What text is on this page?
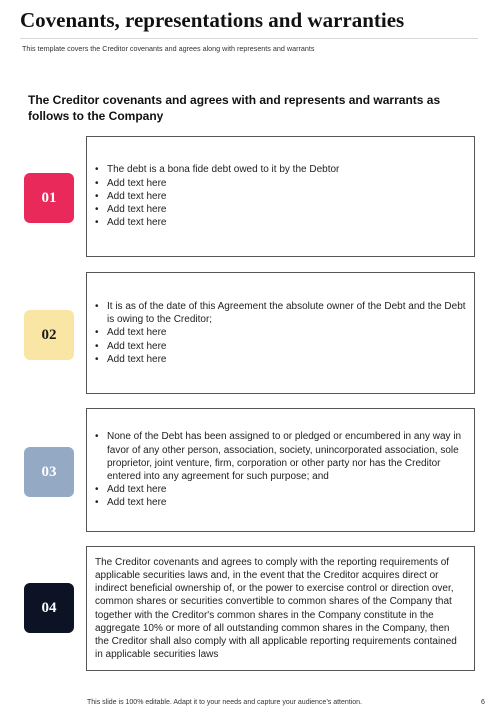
Covenants, representations and warranties

This template covers the Creditor covenants and agrees along with represents and warrants

The Creditor covenants and agrees with and represents and warrants as follows to the Company
01
• The debt is a bona fide debt owed to it by the Debtor
• Add text here
• Add text here
• Add text here
• Add text here
02
• It is as of the date of this Agreement the absolute owner of the Debt and the Debt is owing to the Creditor;
• Add text here
• Add text here
• Add text here
03
• None of the Debt has been assigned to or pledged or encumbered in any way in favor of any other person, association, society, unincorporated association, sole proprietor, joint venture, firm, corporation or other party nor has the Creditor entered into any agreement for such purpose; and
• Add text here
• Add text here
04

The Creditor covenants and agrees to comply with the reporting requirements of applicable securities laws and, in the event that the Creditor acquires direct or indirect beneficial ownership of, or the power to exercise control or direction over, common shares or securities convertible to common shares of the Company that together with the Creditor's common shares in the Company constitute in the aggregate 10% or more of all outstanding common shares in the Company, then the Creditor shall also comply with all applicable reporting requirements contained in applicable securities laws

This slide is 100% editable. Adapt it to your needs and capture your audience’s attention.	6
